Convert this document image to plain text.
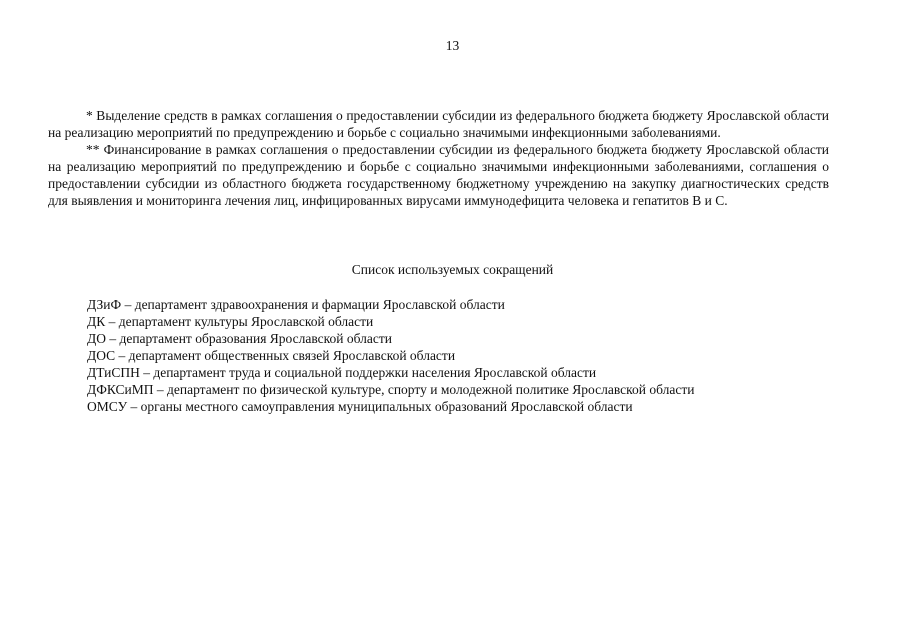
13

* Выделение средств в рамках соглашения о предоставлении субсидии из федерального бюджета бюджету Ярославской области на реализацию мероприятий по предупреждению и борьбе с социально значимыми инфекционными заболеваниями.

** Финансирование в рамках соглашения о предоставлении субсидии из федерального бюджета бюджету Ярославской области на реализацию мероприятий по предупреждению и борьбе с социально значимыми инфекционными заболеваниями, соглашения о предоставлении субсидии из областного бюджета государственному бюджетному учреждению на закупку диагностических средств для выявления и мониторинга лечения лиц, инфицированных вирусами иммунодефицита человека и гепатитов В и С.

Список используемых сокращений
ДЗиФ – департамент здравоохранения и фармации Ярославской области
ДК – департамент культуры Ярославской области
ДО – департамент образования Ярославской области
ДОС – департамент общественных связей Ярославской области
ДТиСПН – департамент труда и социальной поддержки населения Ярославской области
ДФКСиМП – департамент по физической культуре, спорту и молодежной политике Ярославской области
ОМСУ – органы местного самоуправления муниципальных образований Ярославской области
